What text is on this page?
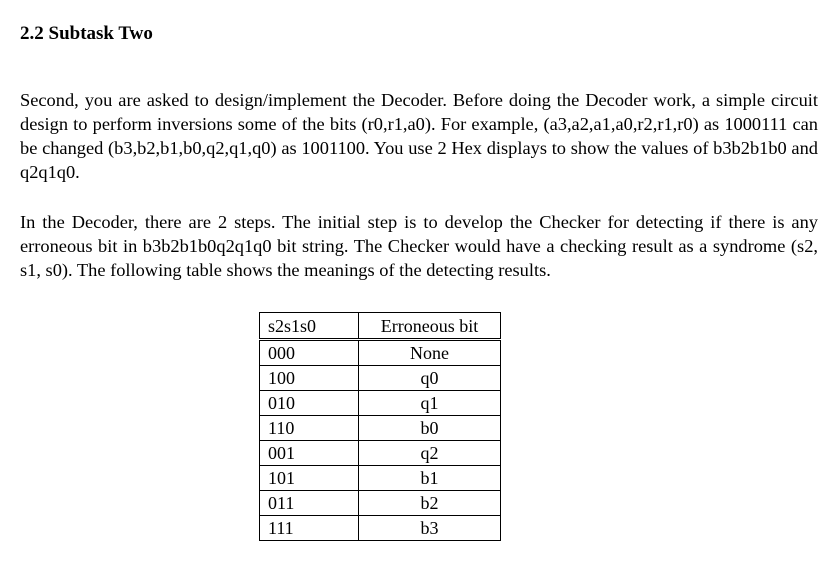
2.2 Subtask Two

Second, you are asked to design/implement the Decoder. Before doing the Decoder work, a simple circuit design to perform inversions some of the bits (r0,r1,a0). For example, (a3,a2,a1,a0,r2,r1,r0) as 1000111 can be changed (b3,b2,b1,b0,q2,q1,q0) as 1001100. You use 2 Hex displays to show the values of b3b2b1b0 and q2q1q0.

In the Decoder, there are 2 steps. The initial step is to develop the Checker for detecting if there is any erroneous bit in b3b2b1b0q2q1q0 bit string. The Checker would have a checking result as a syndrome (s2, s1, s0). The following table shows the meanings of the detecting results.

s2s1s0	Erroneous bit
000	None
100	q0
010	q1
110	b0
001	q2
101	b1
011	b2
111	b3
